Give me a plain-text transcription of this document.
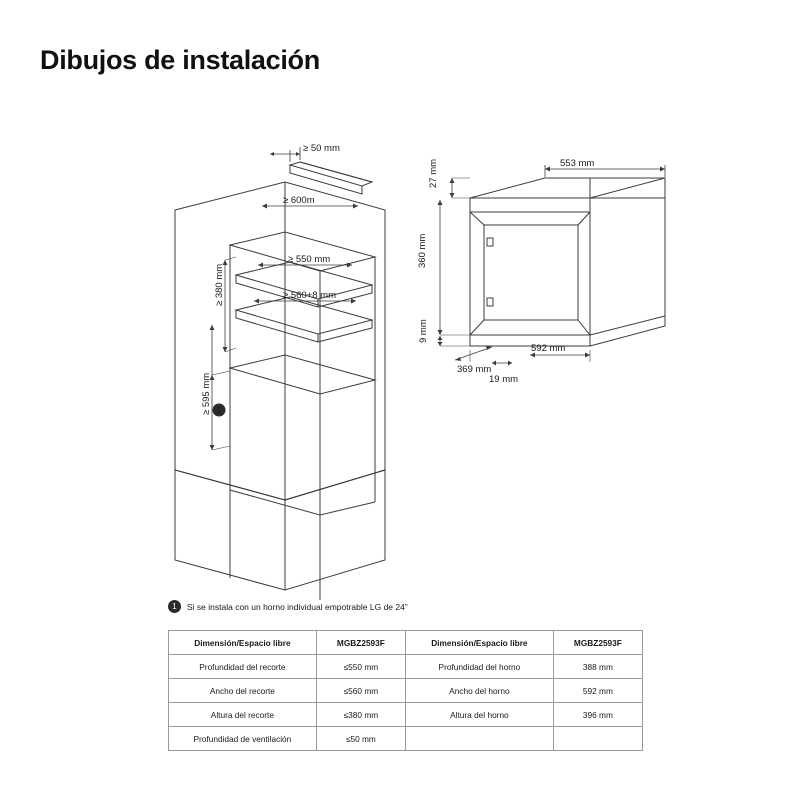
Dibujos de instalación
1
≥ 50 mm
≥ 600m
≥ 550 mm
≥ 560+8 mm
≥ 380 mm
≥ 595 mm
553 mm
27 mm
360 mm
9 mm
369 mm
19 mm
592 mm
1	Si se instala con un horno individual empotrable LG de 24”
Dimensión/Espacio libre	MGBZ2593F	Dimensión/Espacio libre	MGBZ2593F
Profundidad del recorte	≤550 mm	Profundidad del horno	388 mm
Ancho del recorte	≤560 mm	Ancho del horno	592 mm
Altura del recorte	≤380 mm	Altura del horno	396 mm
Profundidad de ventilación	≤50 mm		
